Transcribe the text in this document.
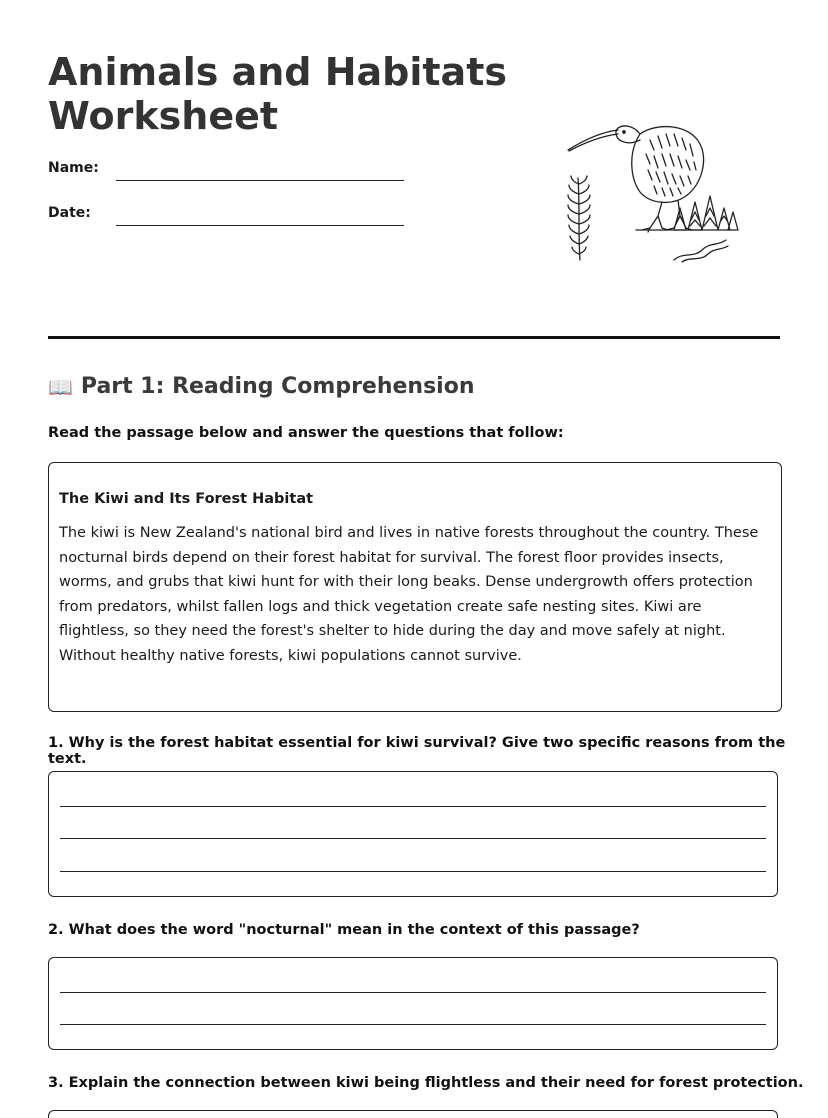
Animals and Habitats Worksheet
Name:
Date:
📖 Part 1: Reading Comprehension

Read the passage below and answer the questions that follow:

The Kiwi and Its Forest Habitat

The kiwi is New Zealand's national bird and lives in native forests throughout the country. These nocturnal birds depend on their forest habitat for survival. The forest floor provides insects, worms, and grubs that kiwi hunt for with their long beaks. Dense undergrowth offers protection from predators, whilst fallen logs and thick vegetation create safe nesting sites. Kiwi are flightless, so they need the forest's shelter to hide during the day and move safely at night. Without healthy native forests, kiwi populations cannot survive.

1. Why is the forest habitat essential for kiwi survival? Give two specific reasons from the text.

2. What does the word "nocturnal" mean in the context of this passage?

3. Explain the connection between kiwi being flightless and their need for forest protection.
